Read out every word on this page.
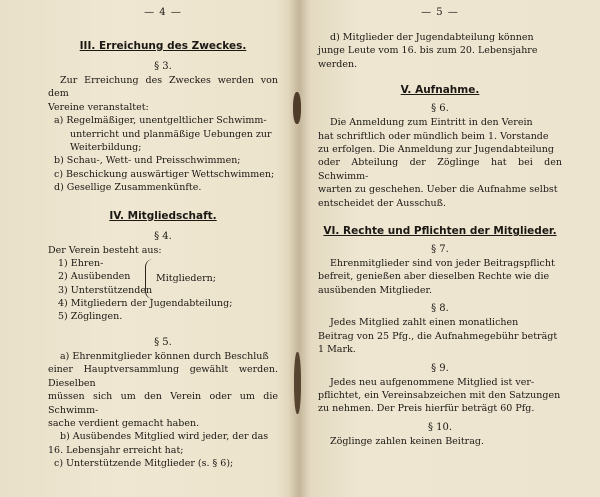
— 4 —

III. Erreichung des Zweckes.

§ 3.

Zur Erreichung des Zweckes werden von dem

Vereine veranstaltet:

a) Regelmäßiger, unentgeltlicher Schwimm-

unterricht und planmäßige Uebungen zur

Weiterbildung;

b) Schau-, Wett- und Preisschwimmen;

c) Beschickung auswärtiger Wettschwimmen;

d) Gesellige Zusammenkünfte.

IV. Mitgliedschaft.

§ 4.

Der Verein besteht aus:

1) Ehren-
2) Ausübenden
3) Unterstützenden
Mitgliedern;

4) Mitgliedern der Jugendabteilung;

5) Zöglingen.

§ 5.

a) Ehrenmitglieder können durch Beschluß

einer Hauptversammlung gewählt werden. Dieselben

müssen sich um den Verein oder um die Schwimm-

sache verdient gemacht haben.

b) Ausübendes Mitglied wird jeder, der das

16. Lebensjahr erreicht hat;

c) Unterstützende Mitglieder (s. § 6);

— 5 —

d) Mitglieder der Jugendabteilung können

junge Leute vom 16. bis zum 20. Lebensjahre

werden.

V. Aufnahme.

§ 6.

Die Anmeldung zum Eintritt in den Verein

hat schriftlich oder mündlich beim 1. Vorstande

zu erfolgen. Die Anmeldung zur Jugendabteilung

oder Abteilung der Zöglinge hat bei den Schwimm-

warten zu geschehen. Ueber die Aufnahme selbst

entscheidet der Ausschuß.

VI. Rechte und Pflichten der Mitglieder.

§ 7.

Ehrenmitglieder sind von jeder Beitragspflicht

befreit, genießen aber dieselben Rechte wie die

ausübenden Mitglieder.

§ 8.

Jedes Mitglied zahlt einen monatlichen

Beitrag von 25 Pfg., die Aufnahmegebühr beträgt

1 Mark.

§ 9.

Jedes neu aufgenommene Mitglied ist ver-

pflichtet, ein Vereinsabzeichen mit den Satzungen

zu nehmen. Der Preis hierfür beträgt 60 Pfg.

§ 10.

Zöglinge zahlen keinen Beitrag.
